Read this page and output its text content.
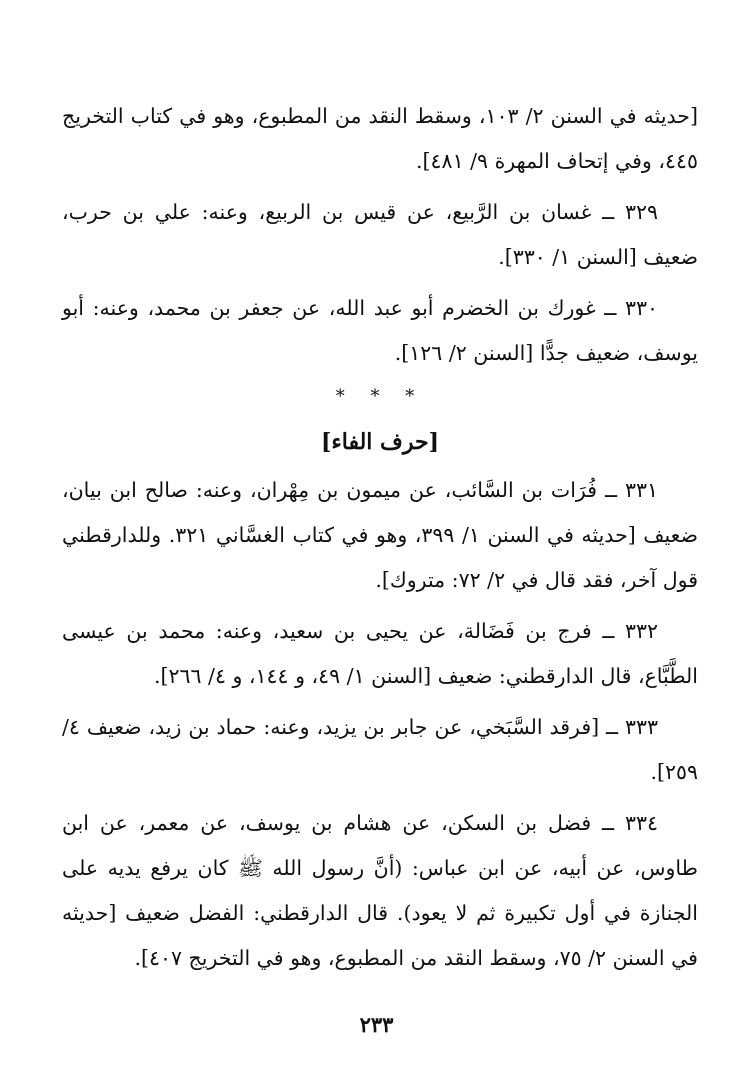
[حديثه في السنن ٢/ ١٠٣، وسقط النقد من المطبوع، وهو في كتاب التخريج ٤٤٥، وفي إتحاف المهرة ٩/ ٤٨١].

٣٢٩ ــ غسان بن الرَّبيع، عن قيس بن الربيع، وعنه: علي بن حرب، ضعيف [السنن ١/ ٣٣٠].

٣٣٠ ــ غورك بن الخضرم أبو عبد الله، عن جعفر بن محمد، وعنه: أبو يوسف، ضعيف جدًّا [السنن ٢/ ١٢٦].

* * *
[حرف الفاء]

٣٣١ ــ فُرَات بن السَّائب، عن ميمون بن مِهْران، وعنه: صالح ابن بيان، ضعيف [حديثه في السنن ١/ ٣٩٩، وهو في كتاب الغسَّاني ٣٢١. وللدارقطني قول آخر، فقد قال في ٢/ ٧٢: متروك].

٣٣٢ ــ فرج بن فَضَالة، عن يحيى بن سعيد، وعنه: محمد بن عيسى الطَّبَّاع، قال الدارقطني: ضعيف [السنن ١/ ٤٩، و ١٤٤، و ٤/ ٢٦٦].

٣٣٣ ــ [فرقد السَّبَخي، عن جابر بن يزيد، وعنه: حماد بن زيد، ضعيف ٤/ ٢٥٩].

٣٣٤ ــ فضل بن السكن، عن هشام بن يوسف، عن معمر، عن ابن طاوس، عن أبيه، عن ابن عباس: (أنَّ رسول الله ﷺ كان يرفع يديه على الجنازة في أول تكبيرة ثم لا يعود). قال الدارقطني: الفضل ضعيف [حديثه في السنن ٢/ ٧٥، وسقط النقد من المطبوع، وهو في التخريج ٤٠٧].

٢٣٣
